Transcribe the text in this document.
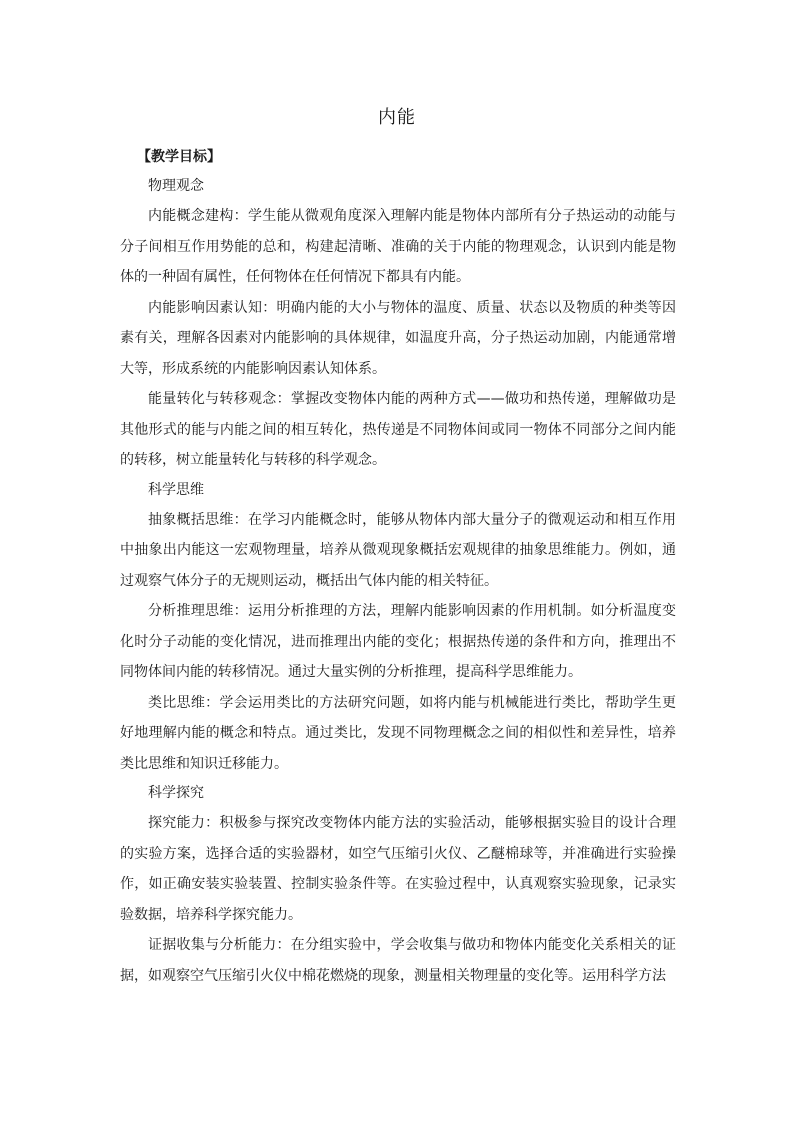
内能

【教学目标】

物理观念

内能概念建构：学生能从微观角度深入理解内能是物体内部所有分子热运动的动能与分子间相互作用势能的总和，构建起清晰、准确的关于内能的物理观念，认识到内能是物体的一种固有属性，任何物体在任何情况下都具有内能。

内能影响因素认知：明确内能的大小与物体的温度、质量、状态以及物质的种类等因素有关，理解各因素对内能影响的具体规律，如温度升高，分子热运动加剧，内能通常增大等，形成系统的内能影响因素认知体系。

能量转化与转移观念：掌握改变物体内能的两种方式——做功和热传递，理解做功是其他形式的能与内能之间的相互转化，热传递是不同物体间或同一物体不同部分之间内能的转移，树立能量转化与转移的科学观念。

科学思维

抽象概括思维：在学习内能概念时，能够从物体内部大量分子的微观运动和相互作用中抽象出内能这一宏观物理量，培养从微观现象概括宏观规律的抽象思维能力。例如，通过观察气体分子的无规则运动，概括出气体内能的相关特征。

分析推理思维：运用分析推理的方法，理解内能影响因素的作用机制。如分析温度变化时分子动能的变化情况，进而推理出内能的变化；根据热传递的条件和方向，推理出不同物体间内能的转移情况。通过大量实例的分析推理，提高科学思维能力。

类比思维：学会运用类比的方法研究问题，如将内能与机械能进行类比，帮助学生更好地理解内能的概念和特点。通过类比，发现不同物理概念之间的相似性和差异性，培养类比思维和知识迁移能力。

科学探究

探究能力：积极参与探究改变物体内能方法的实验活动，能够根据实验目的设计合理的实验方案，选择合适的实验器材，如空气压缩引火仪、乙醚棉球等，并准确进行实验操作，如正确安装实验装置、控制实验条件等。在实验过程中，认真观察实验现象，记录实验数据，培养科学探究能力。

证据收集与分析能力：在分组实验中，学会收集与做功和物体内能变化关系相关的证据，如观察空气压缩引火仪中棉花燃烧的现象，测量相关物理量的变化等。运用科学方法
